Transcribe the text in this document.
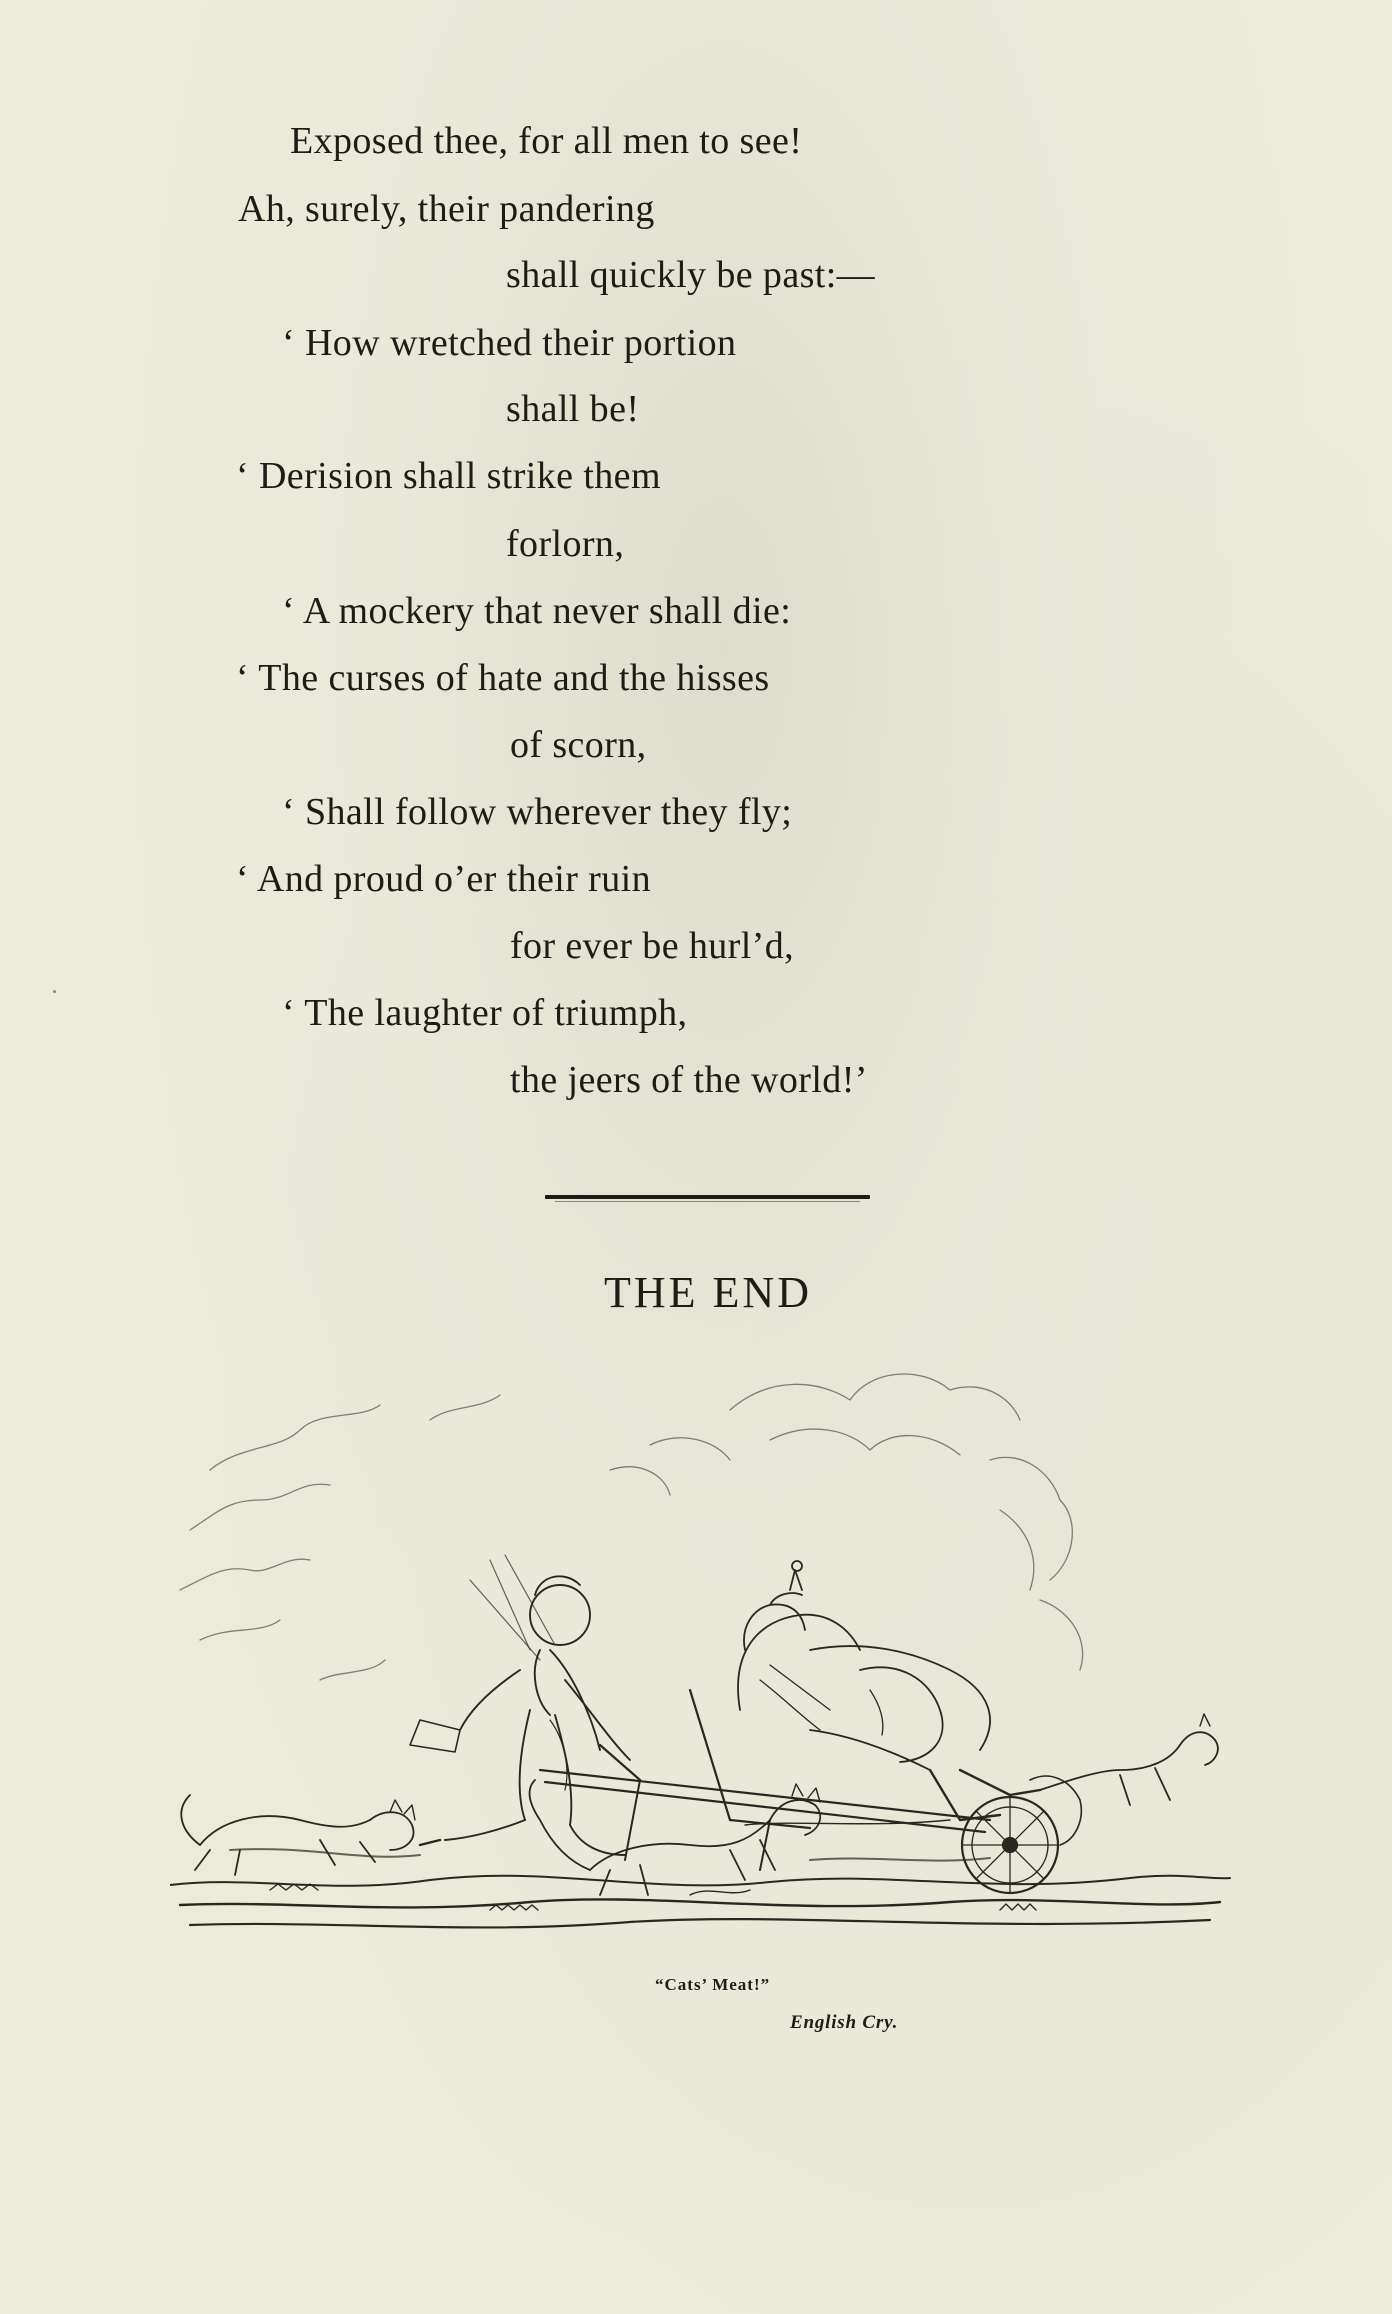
Exposed thee, for all men to see!
Ah, surely, their pandering
shall quickly be past:—
‘ How wretched their portion
shall be!
‘ Derision shall strike them
forlorn,
‘ A mockery that never shall die:
‘ The curses of hate and the hisses
of scorn,
‘ Shall follow wherever they fly;
‘ And proud o’er their ruin
for ever be hurl’d,
‘ The laughter of triumph,
the jeers of the world!’
THE END
“Cats’ Meat!”
English Cry.
